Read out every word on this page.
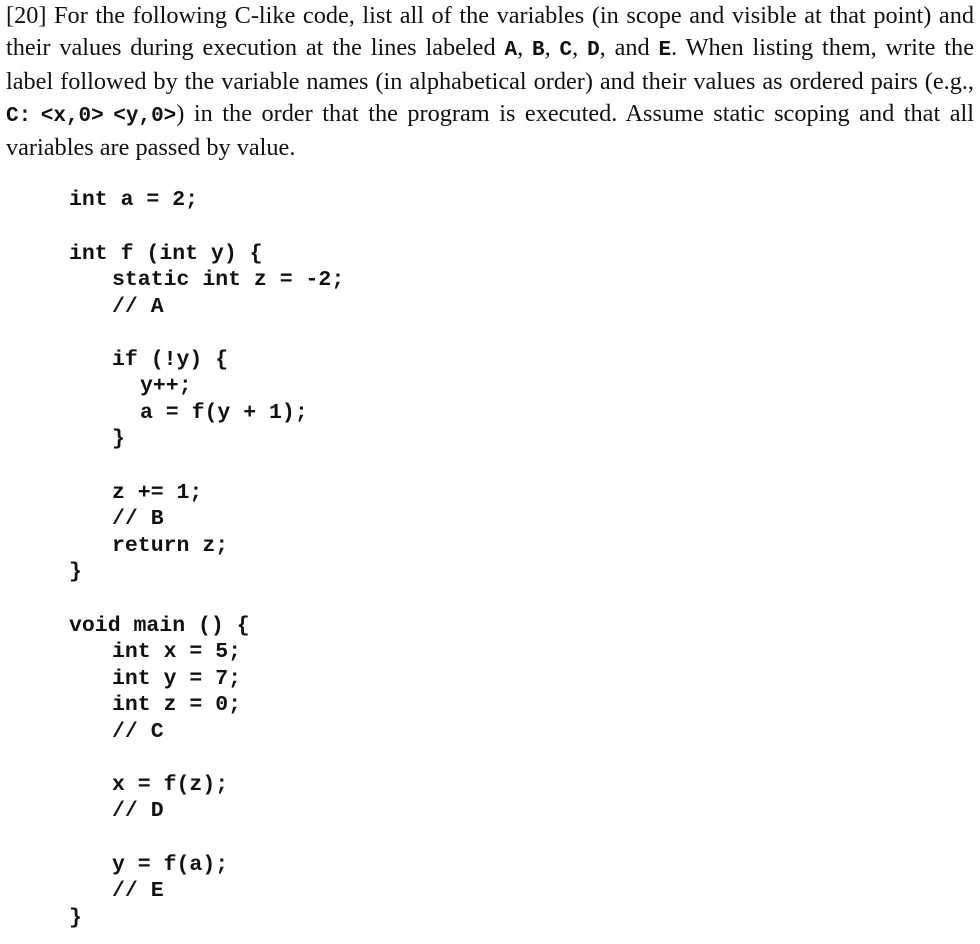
[20] For the following C-like code, list all of the variables (in scope and visible at that point) and their values during execution at the lines labeled A, B, C, D, and E. When listing them, write the label followed by the variable names (in alphabetical order) and their values as ordered pairs (e.g., C: <x,0> <y,0>) in the order that the program is executed. Assume static scoping and that all variables are passed by value.

int a = 2;
int f (int y) {
static int z = -2;
// A
if (!y) {
y++;
a = f(y + 1);
}
z += 1;
// B
return z;
}
void main () {
int x = 5;
int y = 7;
int z = 0;
// C
x = f(z);
// D
y = f(a);
// E
}
